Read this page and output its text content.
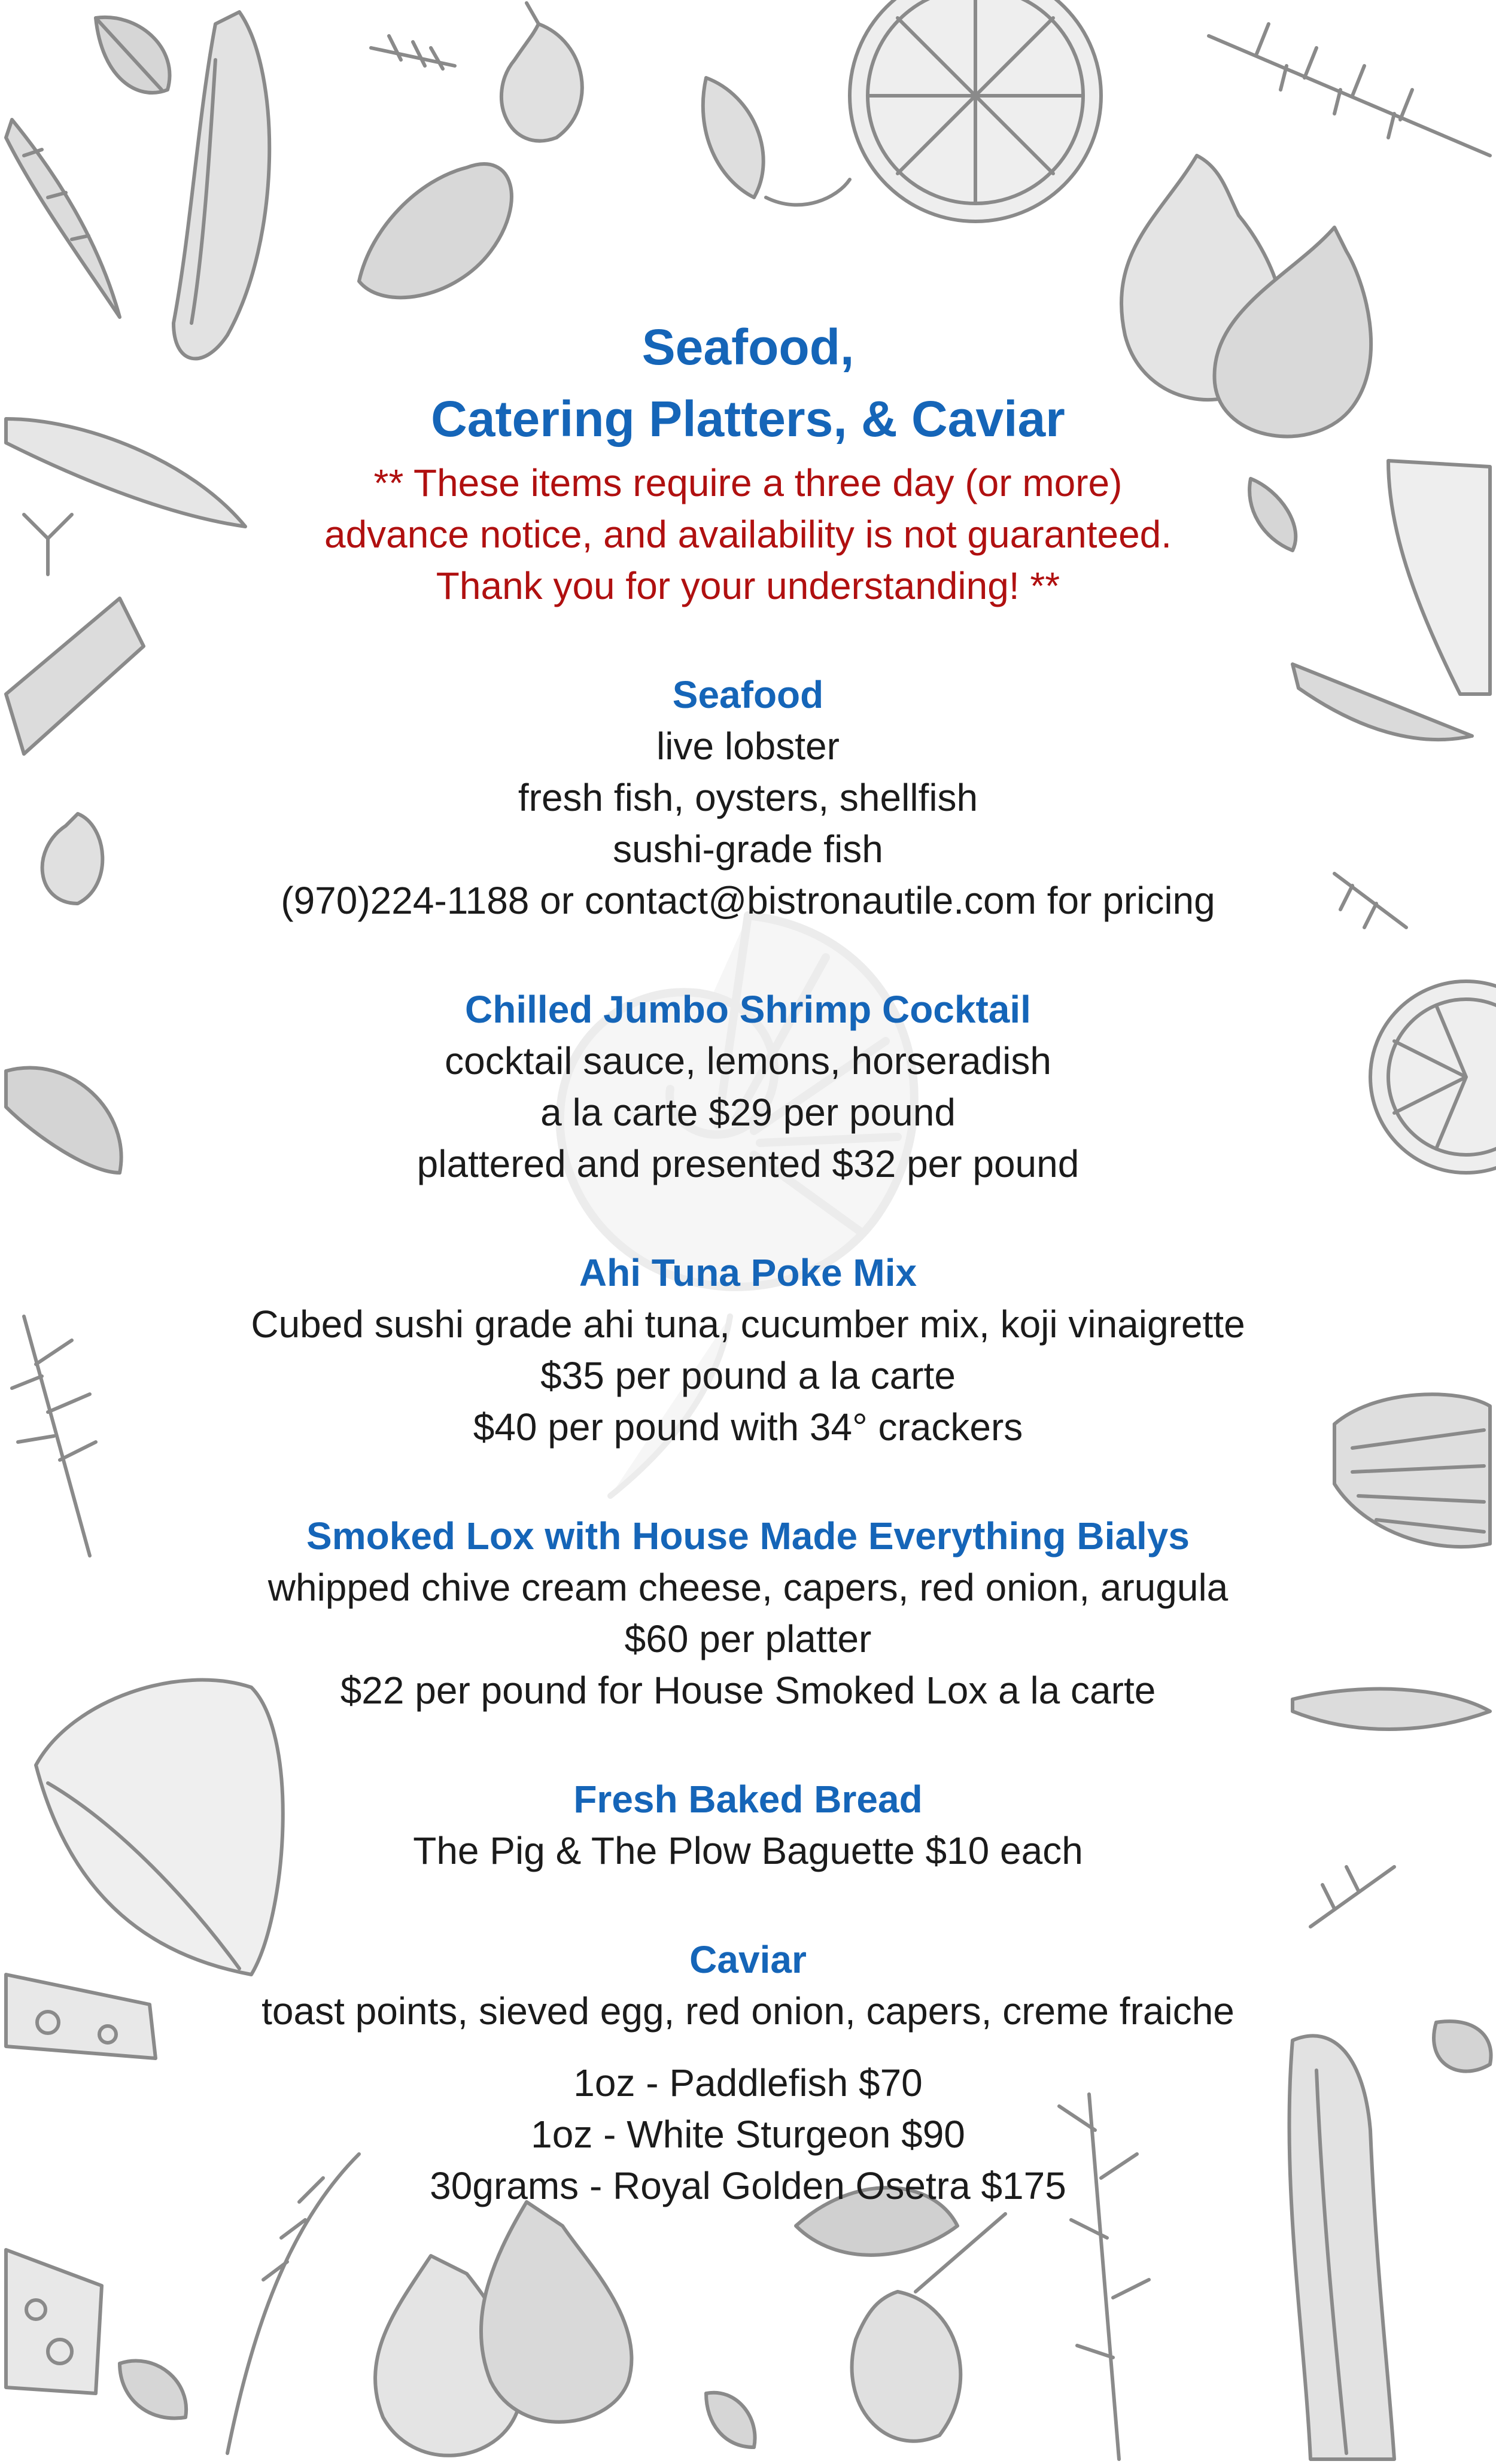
Seafood,
Catering Platters, & Caviar
** These items require a three day (or more)
advance notice, and availability is not guaranteed.
Thank you for your understanding! **
Seafood
live lobster
fresh fish, oysters, shellfish
sushi-grade fish
(970)224-1188 or contact@bistronautile.com for pricing
Chilled Jumbo Shrimp Cocktail
cocktail sauce, lemons, horseradish
a la carte $29 per pound
plattered and presented $32 per pound
Ahi Tuna Poke Mix
Cubed sushi grade ahi tuna, cucumber mix, koji vinaigrette
$35 per pound a la carte
$40 per pound with 34° crackers
Smoked Lox with House Made Everything Bialys
whipped chive cream cheese, capers, red onion, arugula
$60 per platter
$22 per pound for House Smoked Lox a la carte
Fresh Baked Bread
The Pig & The Plow Baguette $10 each
Caviar
toast points, sieved egg, red onion, capers, creme fraiche
1oz - Paddlefish $70
1oz - White Sturgeon $90
30grams - Royal Golden Osetra $175
